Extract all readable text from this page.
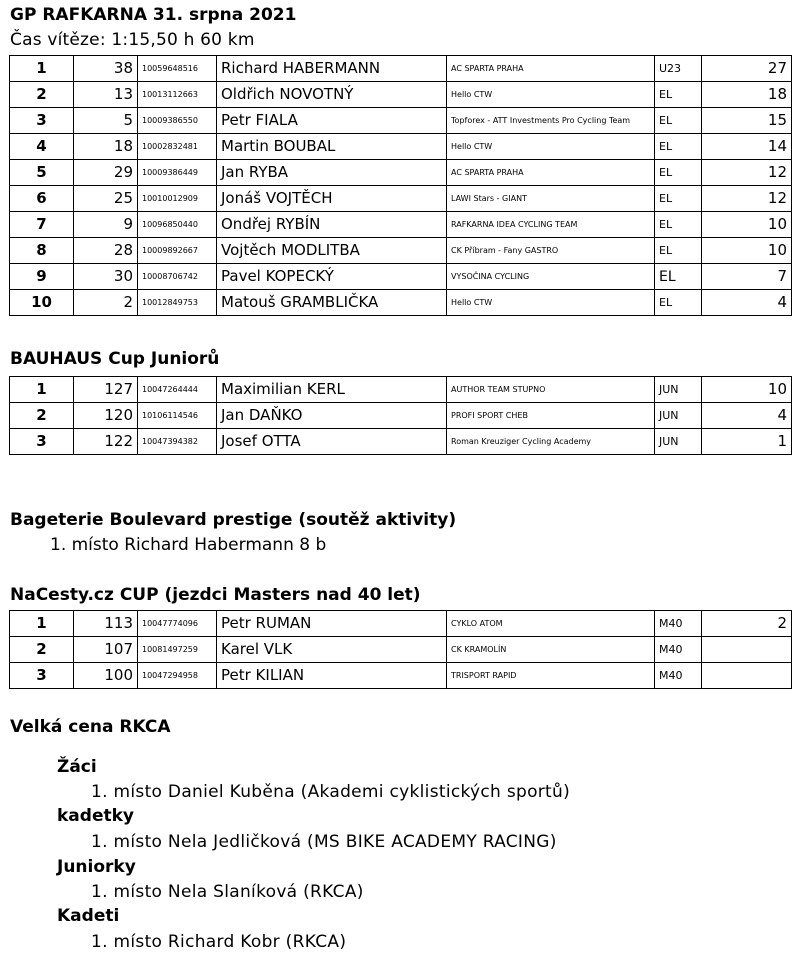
GP RAFKARNA 31. srpna 2021
Čas vítěze: 1:15,50 h 60 km
1	38	10059648516	Richard HABERMANN	AC SPARTA PRAHA	U23	27
2	13	10013112663	Oldřich NOVOTNÝ	Hello CTW	EL	18
3	5	10009386550	Petr FIALA	Topforex - ATT Investments Pro Cycling Team	EL	15
4	18	10002832481	Martin BOUBAL	Hello CTW	EL	14
5	29	10009386449	Jan RYBA	AC SPARTA PRAHA	EL	12
6	25	10010012909	Jonáš VOJTĚCH	LAWI Stars - GIANT	EL	12
7	9	10096850440	Ondřej RYBÍN	RAFKARNA IDEA CYCLING TEAM	EL	10
8	28	10009892667	Vojtěch MODLITBA	CK Příbram - Fany GASTRO	EL	10
9	30	10008706742	Pavel KOPECKÝ	VYSOČINA CYCLING	EL	7
10	2	10012849753	Matouš GRAMBLIČKA	Hello CTW	EL	4
BAUHAUS Cup Juniorů
1	127	10047264444	Maximilian KERL	AUTHOR TEAM STUPNO	JUN	10
2	120	10106114546	Jan DAŇKO	PROFI SPORT CHEB	JUN	4
3	122	10047394382	Josef OTTA	Roman Kreuziger Cycling Academy	JUN	1
Bageterie Boulevard prestige (soutěž aktivity)
1. místo Richard Habermann 8 b
NaCesty.cz CUP (jezdci Masters nad 40 let)
1	113	10047774096	Petr RUMAN	CYKLO ATOM	M40	2
2	107	10081497259	Karel VLK	CK KRAMOLÍN	M40	
3	100	10047294958	Petr KILIAN	TRISPORT RAPID	M40	
Velká cena RKCA
Žáci
1. místo Daniel Kuběna (Akademi cyklistických sportů)
kadetky
1. místo Nela Jedličková (MS BIKE ACADEMY RACING)
Juniorky
1. místo Nela Slaníková (RKCA)
Kadeti
1. místo Richard Kobr (RKCA)
